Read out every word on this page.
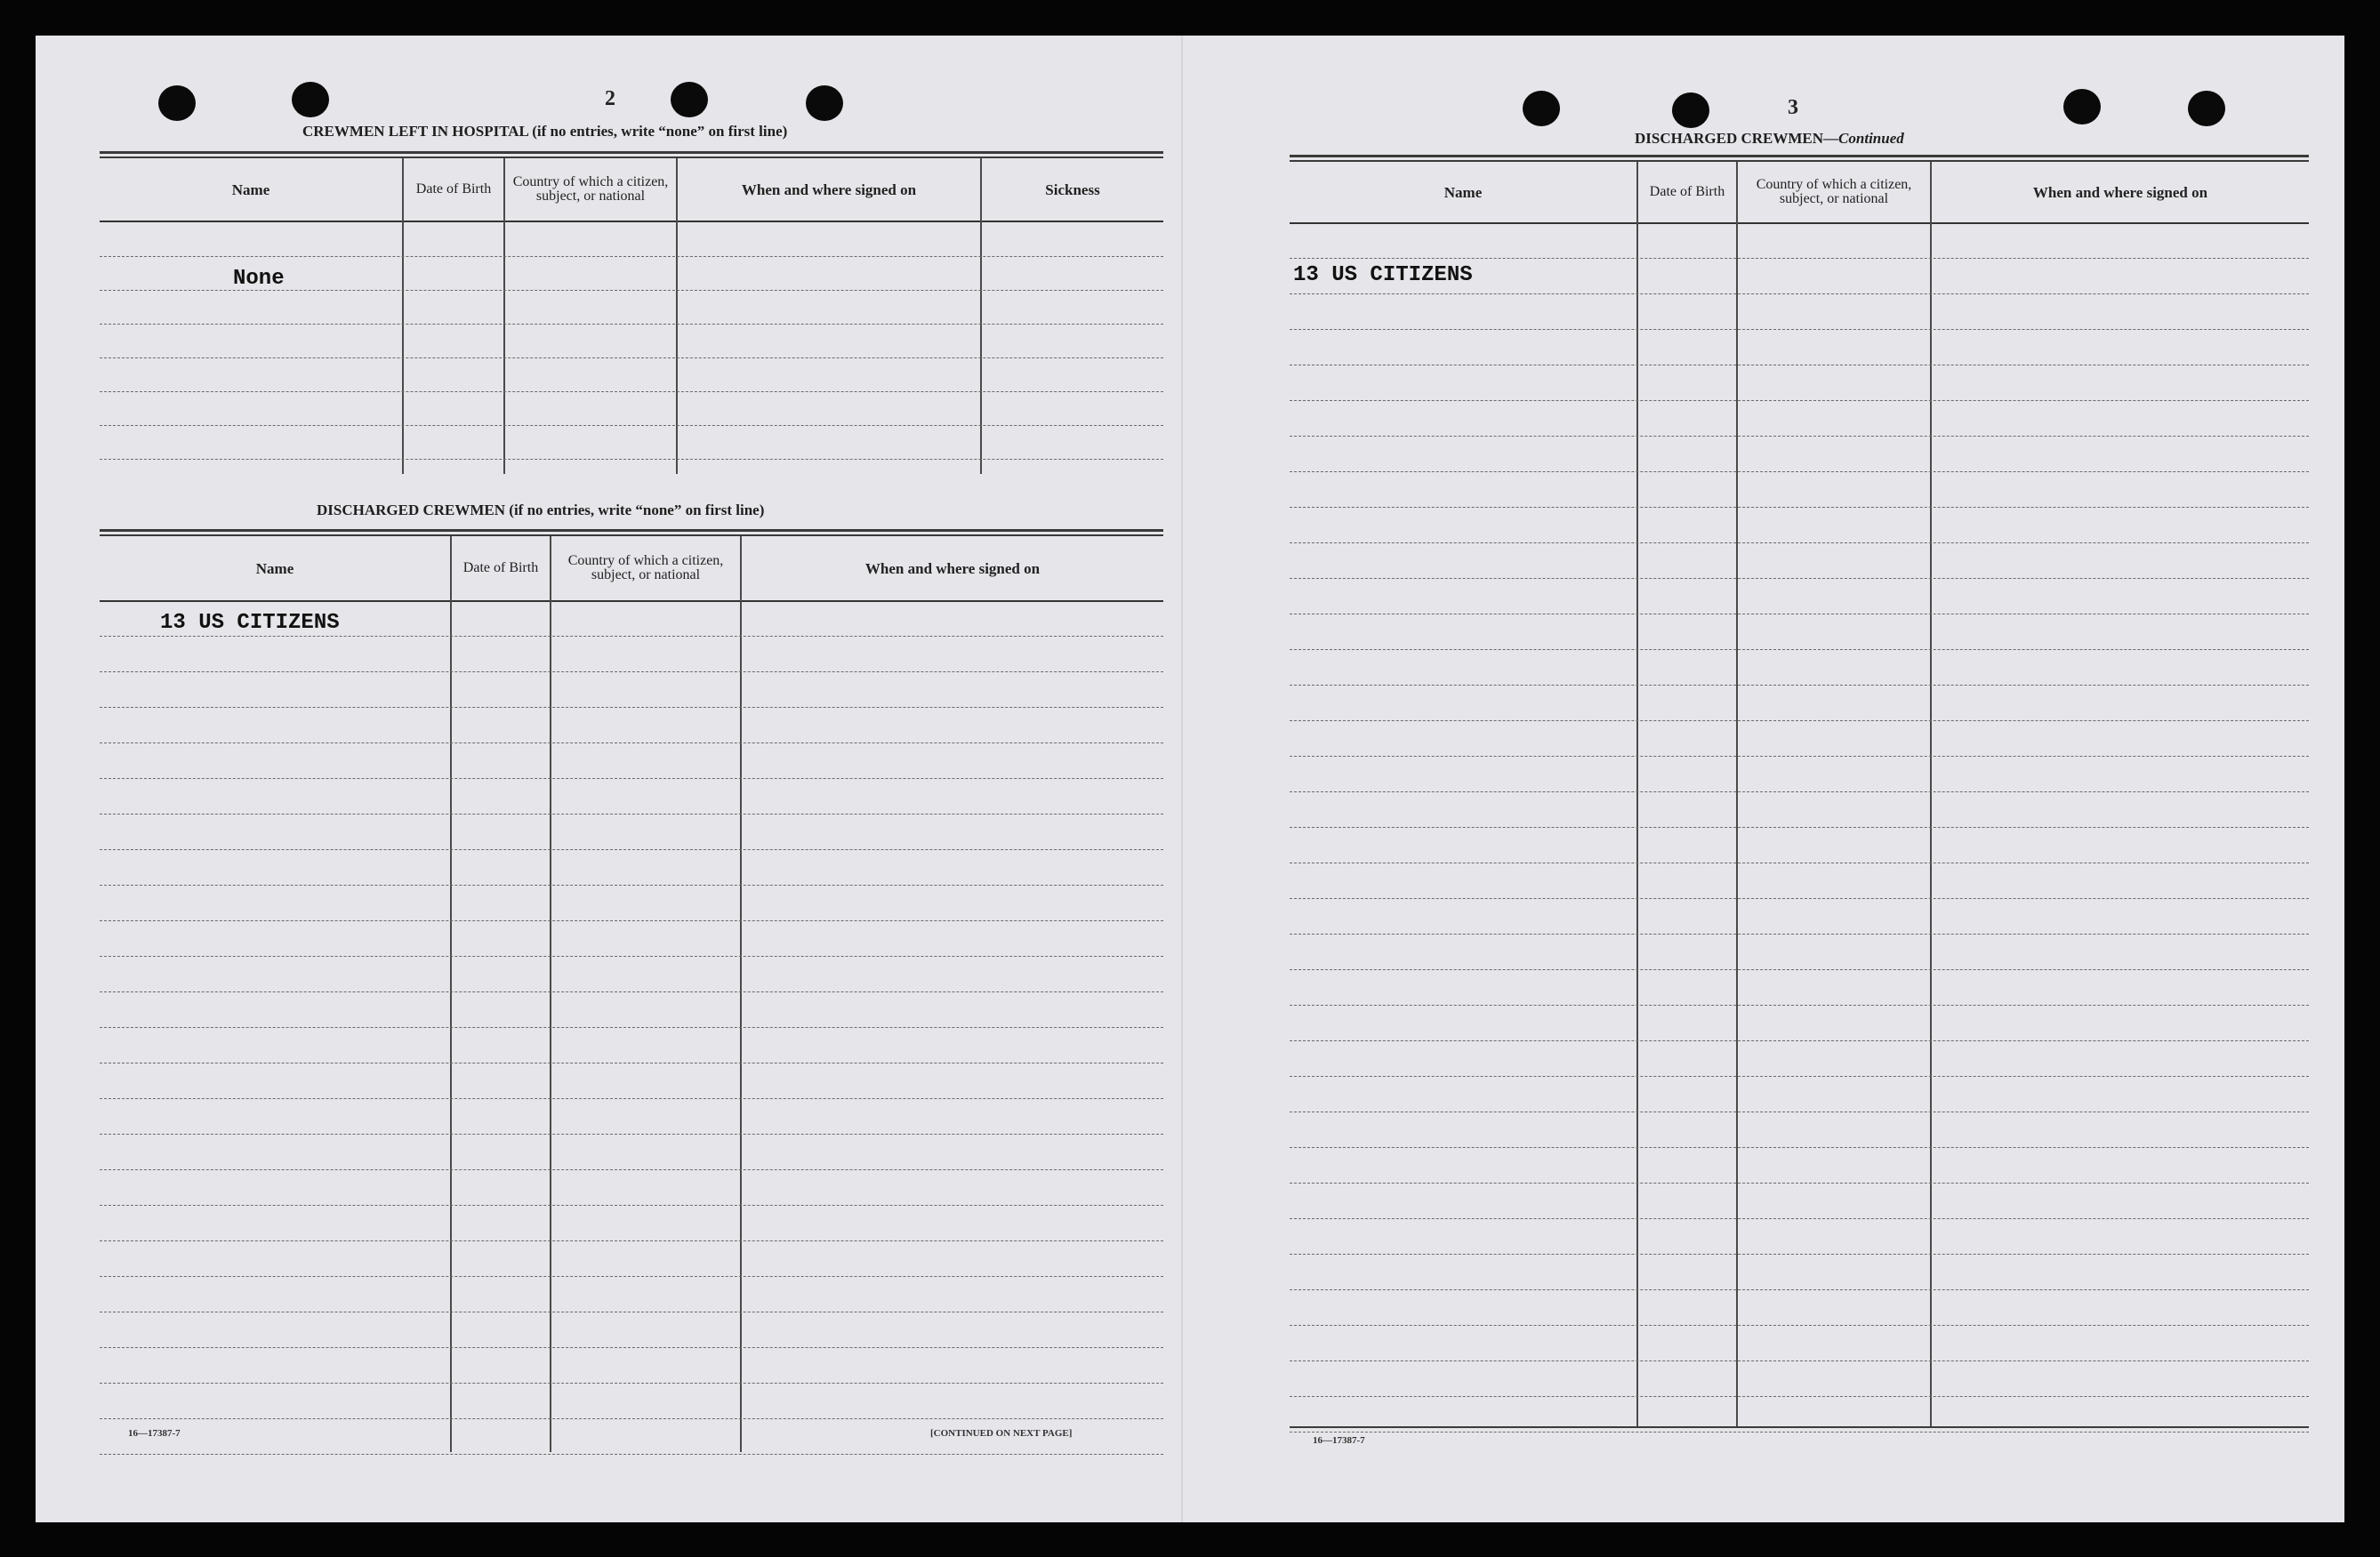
2
CREWMEN LEFT IN HOSPITAL (if no entries, write “none” on first line)
Name	Date of Birth	Country of which a citizen, subject, or national	When and where signed on	Sickness
None
DISCHARGED CREWMEN (if no entries, write “none” on first line)
Name	Date of Birth	Country of which a citizen, subject, or national	When and where signed on
13 US CITIZENS
16—17387-7	[CONTINUED ON NEXT PAGE]
3
DISCHARGED CREWMEN—Continued
Name	Date of Birth	Country of which a citizen, subject, or national	When and where signed on
13 US CITIZENS
16—17387-7
